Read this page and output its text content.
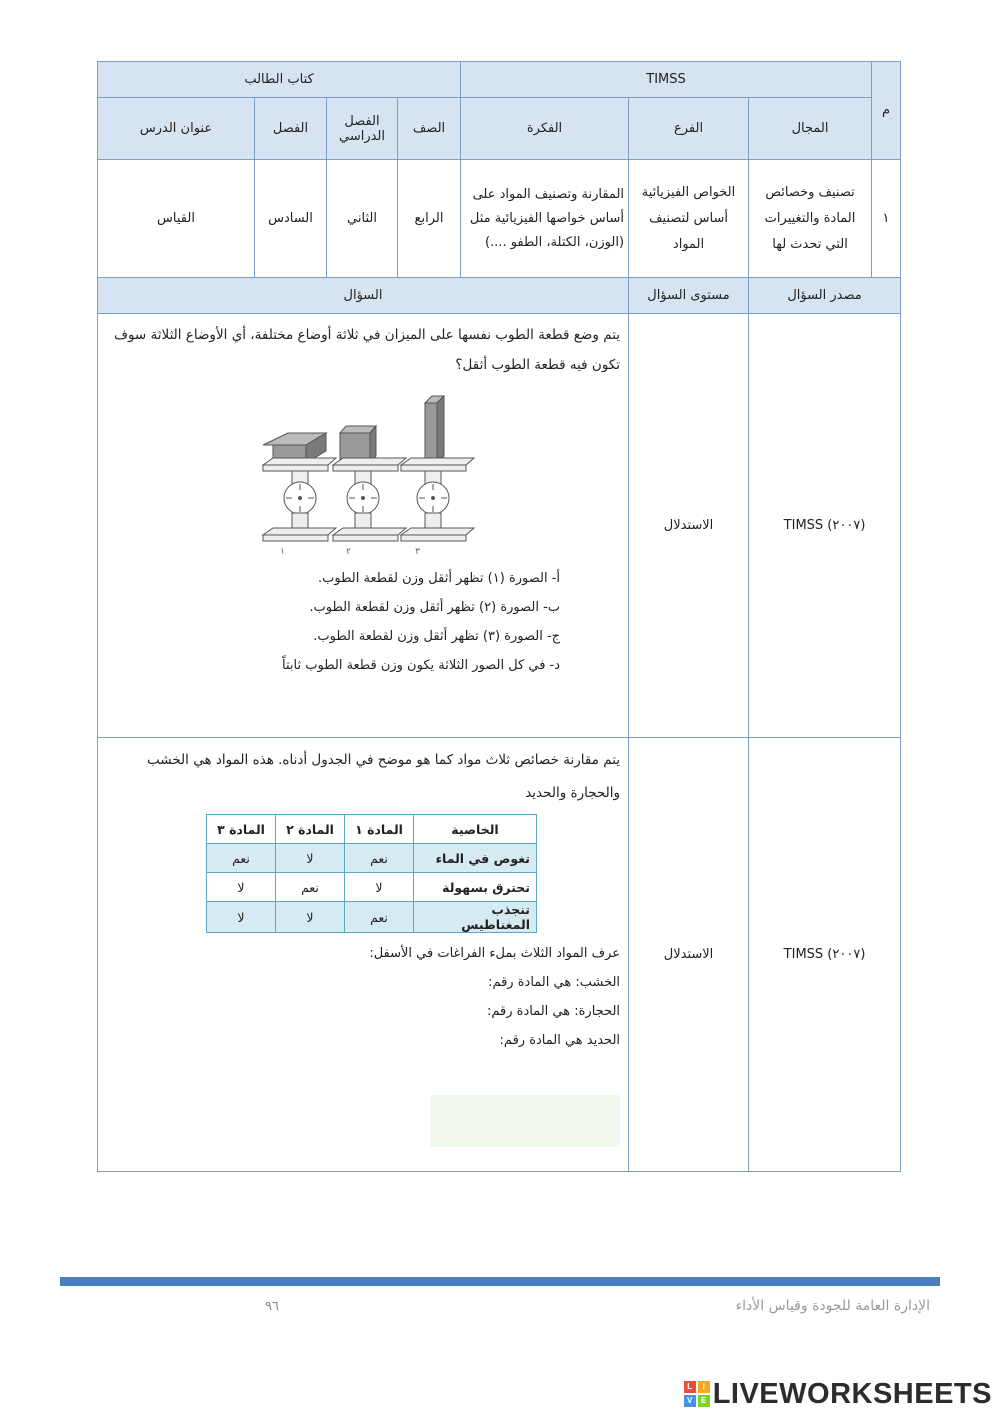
م	TIMSS	كتاب الطالب
المجال	الفرع	الفكرة	الصف	الفصل الدراسي	الفصل	عنوان الدرس
١	تصنيف وخصائص المادة والتغييرات التي تحدث لها	الخواص الفيزيائية أساس لتصنيف المواد	المقارنة وتصنيف المواد على أساس خواصها الفيزيائية مثل (الوزن، الكتلة، الطفو ....)	الرابع	الثاني	السادس	القياس
مصدر السؤال	مستوى السؤال	السؤال
TIMSS (٢٠٠٧)	الاستدلال	
يتم وضع قطعة الطوب نفسها على الميزان في ثلاثة أوضاع مختلفة، أي الأوضاع الثلاثة سوف تكون فيه قطعة الطوب أثقل؟
١	٢	٣
أ- الصورة (١) تظهر أثقل وزن لقطعة الطوب.
ب- الصورة (٢) تظهر أثقل وزن لقطعة الطوب.
ج- الصورة (٣) تظهر أثقل وزن لقطعة الطوب.
د- في كل الصور الثلاثة يكون وزن قطعة الطوب ثابتاً

TIMSS (٢٠٠٧)	الاستدلال	
يتم مقارنة خصائص ثلاث مواد كما هو موضح في الجدول أدناه. هذه المواد هي الخشب والحجارة والحديد
الخاصية	المادة ١	المادة ٢	المادة ٣
تغوص في الماء	نعم	لا	نعم
تحترق بسهولة	لا	نعم	لا
تنجذب المغناطيس	نعم	لا	لا
عرف المواد الثلاث بملء الفراغات في الأسفل:
الخشب: هي المادة رقم:
الحجارة: هي المادة رقم:
الحديد هي المادة رقم:
٩٦	الإدارة العامة للجودة وقياس الأداء
L	I
V	E LIVEWORKSHEETS
